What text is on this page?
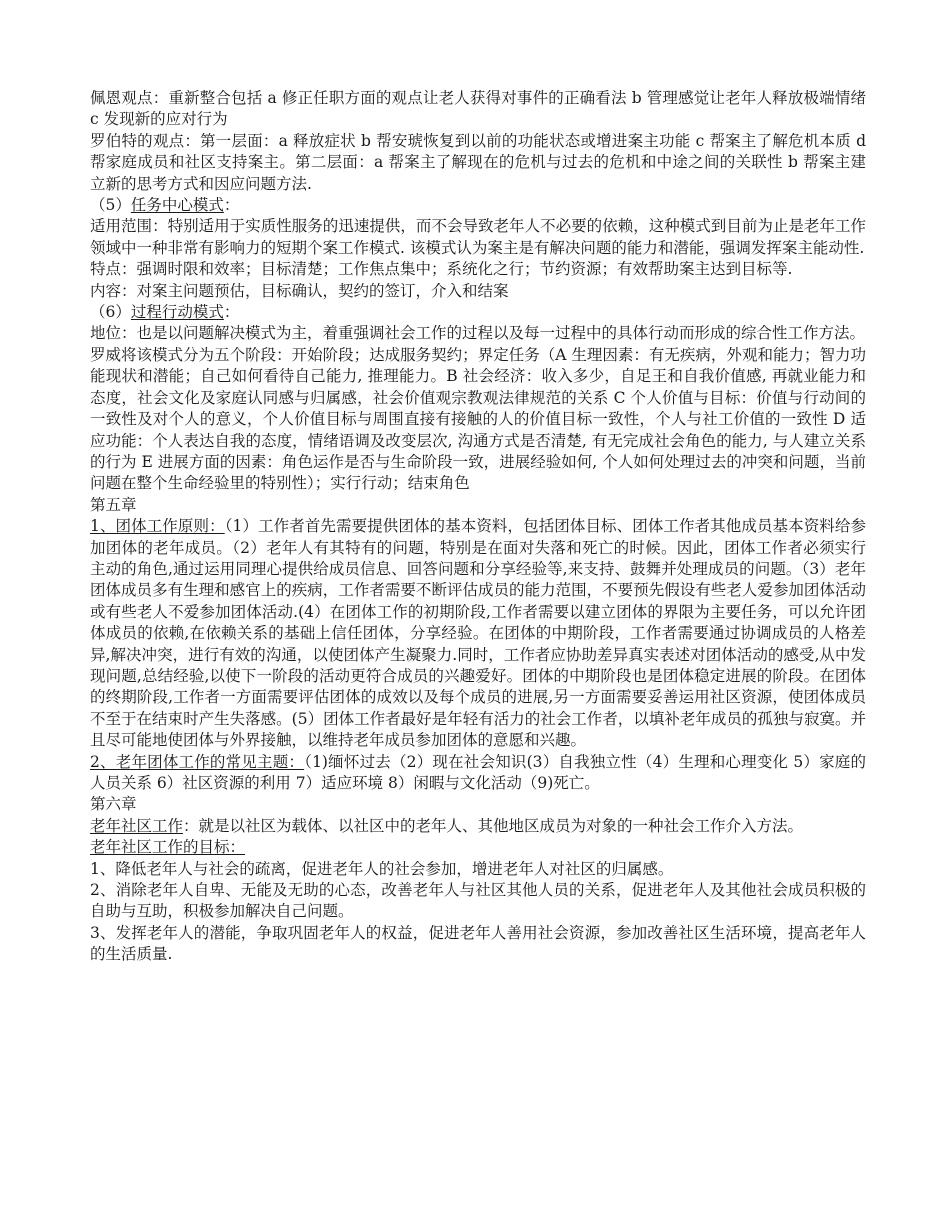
佩恩观点：重新整合包括 a 修正任职方面的观点让老人获得对事件的正确看法 b 管理感觉让老年人释放极端情绪 c 发现新的应对行为

罗伯特的观点：第一层面：a 释放症状 b 帮安琥恢复到以前的功能状态或增进案主功能 c 帮案主了解危机本质 d 帮家庭成员和社区支持案主。第二层面：a 帮案主了解现在的危机与过去的危机和中途之间的关联性 b 帮案主建立新的思考方式和因应问题方法.

（5）任务中心模式：

适用范围：特别适用于实质性服务的迅速提供，而不会导致老年人不必要的依赖，这种模式到目前为止是老年工作领域中一种非常有影响力的短期个案工作模式. 该模式认为案主是有解决问题的能力和潜能，强调发挥案主能动性.

特点：强调时限和效率；目标清楚；工作焦点集中；系统化之行；节约资源；有效帮助案主达到目标等.

内容：对案主问题预估，目标确认，契约的签订，介入和结案

（6）过程行动模式：

地位：也是以问题解决模式为主，着重强调社会工作的过程以及每一过程中的具体行动而形成的综合性工作方法。

罗威将该模式分为五个阶段：开始阶段；达成服务契约；界定任务（A 生理因素：有无疾病，外观和能力；智力功能现状和潜能；自己如何看待自己能力, 推理能力。B 社会经济：收入多少，自足王和自我价值感, 再就业能力和态度，社会文化及家庭认同感与归属感，社会价值观宗教观法律规范的关系 C 个人价值与目标：价值与行动间的一致性及对个人的意义，个人价值目标与周围直接有接触的人的价值目标一致性，个人与社工价值的一致性 D 适应功能：个人表达自我的态度，情绪语调及改变层次, 沟通方式是否清楚, 有无完成社会角色的能力, 与人建立关系的行为 E 进展方面的因素：角色运作是否与生命阶段一致，进展经验如何, 个人如何处理过去的冲突和问题，当前问题在整个生命经验里的特别性）；实行行动；结束角色

第五章

1、团体工作原则：（1）工作者首先需要提供团体的基本资料，包括团体目标、团体工作者其他成员基本资料给参加团体的老年成员。（2）老年人有其特有的问题，特别是在面对失落和死亡的时候。因此，团体工作者必须实行主动的角色,通过运用同理心提供给成员信息、回答问题和分享经验等,来支持、鼓舞并处理成员的问题。（3）老年团体成员多有生理和感官上的疾病，工作者需要不断评估成员的能力范围，不要预先假设有些老人爱参加团体活动或有些老人不爱参加团体活动.(4）在团体工作的初期阶段,工作者需要以建立团体的界限为主要任务，可以允许团体成员的依赖,在依赖关系的基础上信任团体，分享经验。在团体的中期阶段，工作者需要通过协调成员的人格差异,解决冲突，进行有效的沟通，以使团体产生凝聚力.同时，工作者应协助差异真实表述对团体活动的感受,从中发现问题,总结经验,以使下一阶段的活动更符合成员的兴趣爱好。团体的中期阶段也是团体稳定进展的阶段。在团体的终期阶段,工作者一方面需要评估团体的成效以及每个成员的进展,另一方面需要妥善运用社区资源，使团体成员不至于在结束时产生失落感。(5）团体工作者最好是年轻有活力的社会工作者，以填补老年成员的孤独与寂寞。并且尽可能地使团体与外界接触，以维持老年成员参加团体的意愿和兴趣。

2、老年团体工作的常见主题：（1)缅怀过去（2）现在社会知识(3）自我独立性（4）生理和心理变化 5）家庭的人员关系 6）社区资源的利用 7）适应环境 8）闲暇与文化活动（9)死亡。

第六章

老年社区工作：就是以社区为载体、以社区中的老年人、其他地区成员为对象的一种社会工作介入方法。

老年社区工作的目标：

1、降低老年人与社会的疏离，促进老年人的社会参加，增进老年人对社区的归属感。

2、消除老年人自卑、无能及无助的心态，改善老年人与社区其他人员的关系，促进老年人及其他社会成员积极的自助与互助，积极参加解决自己问题。

3、发挥老年人的潜能，争取巩固老年人的权益，促进老年人善用社会资源，参加改善社区生活环境，提高老年人的生活质量.
